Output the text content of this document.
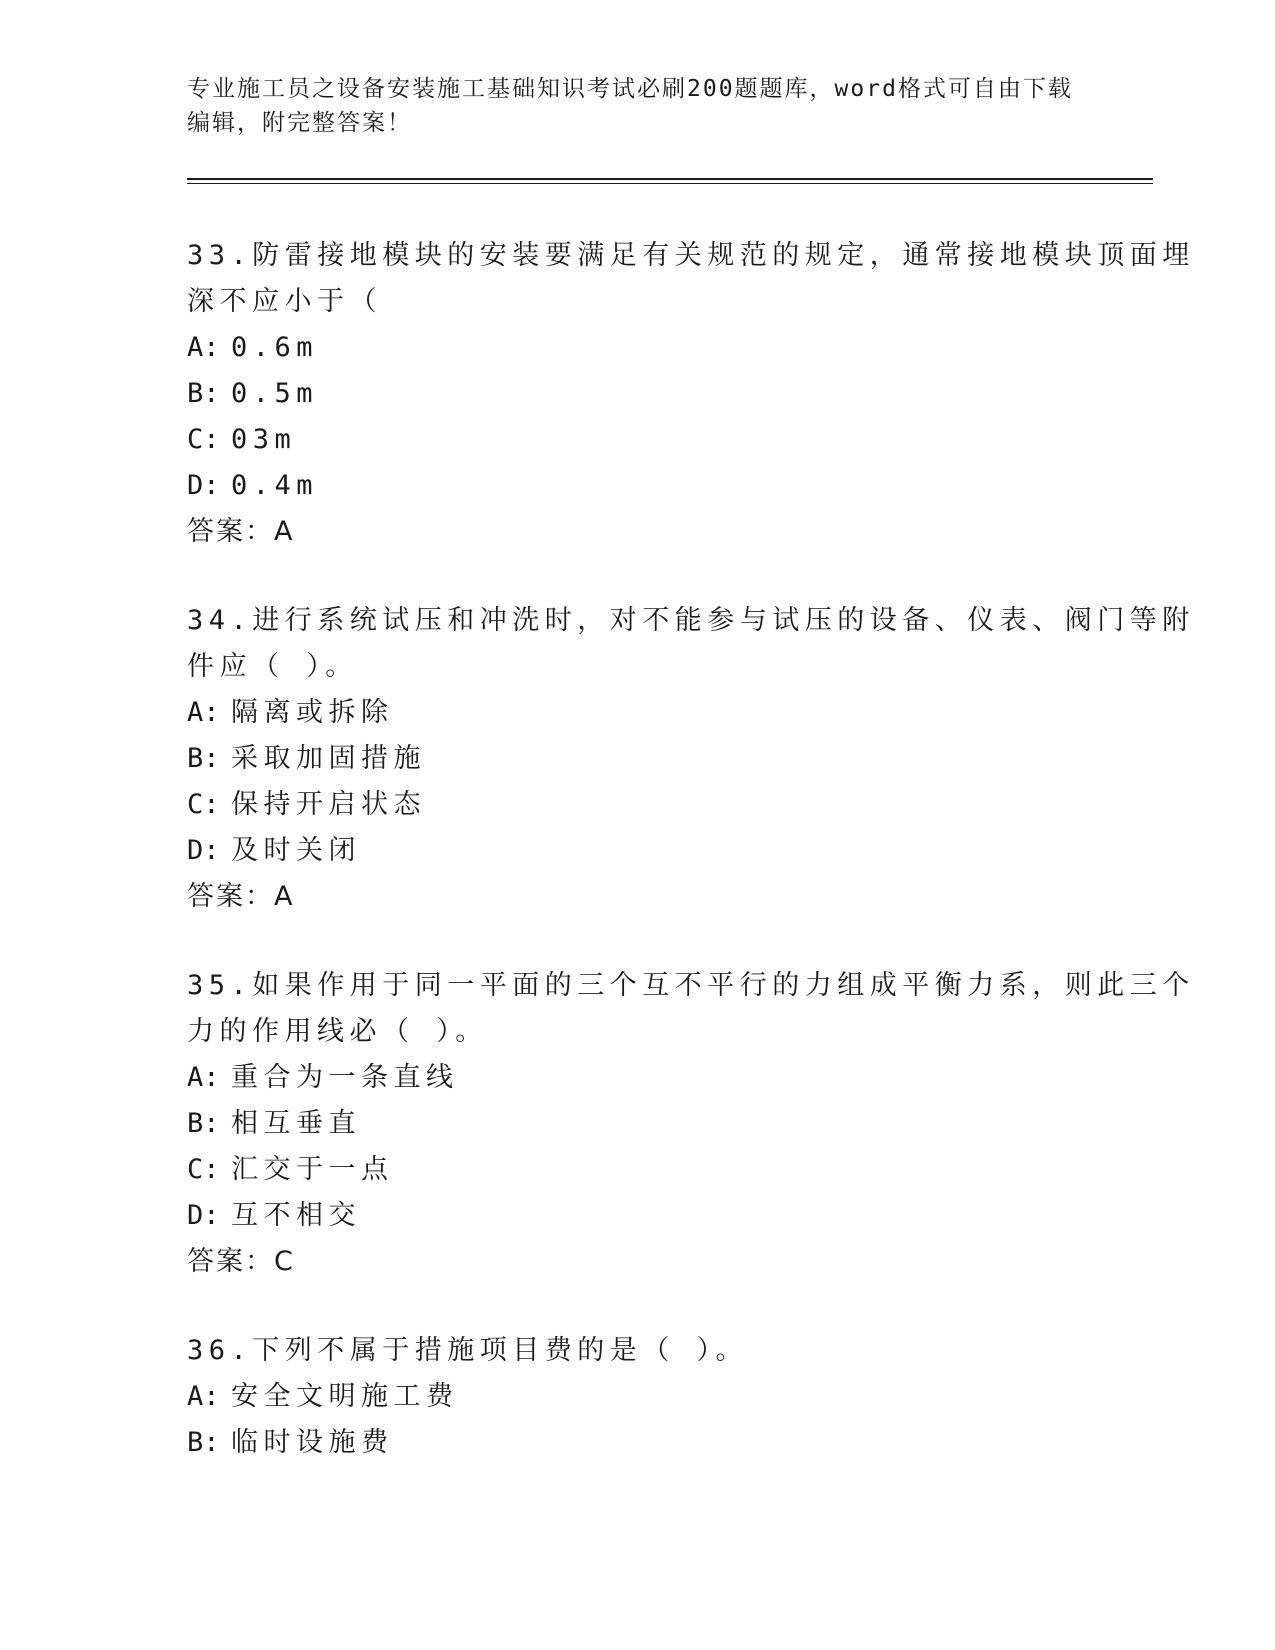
专业施工员之设备安装施工基础知识考试必刷200题题库，word格式可自由下载
编辑，附完整答案！
33.防雷接地模块的安装要满足有关规范的规定，通常接地模块顶面埋
深不应小于（
A: 0.6m
B: 0.5m
C: 03m
D: 0.4m
答案：A
34.进行系统试压和冲洗时，对不能参与试压的设备、仪表、阀门等附
件应（ ）。
A: 隔离或拆除
B: 采取加固措施
C: 保持开启状态
D: 及时关闭
答案：A
35.如果作用于同一平面的三个互不平行的力组成平衡力系，则此三个
力的作用线必（ ）。
A: 重合为一条直线
B: 相互垂直
C: 汇交于一点
D: 互不相交
答案：C
36.下列不属于措施项目费的是（ ）。
A: 安全文明施工费
B: 临时设施费
